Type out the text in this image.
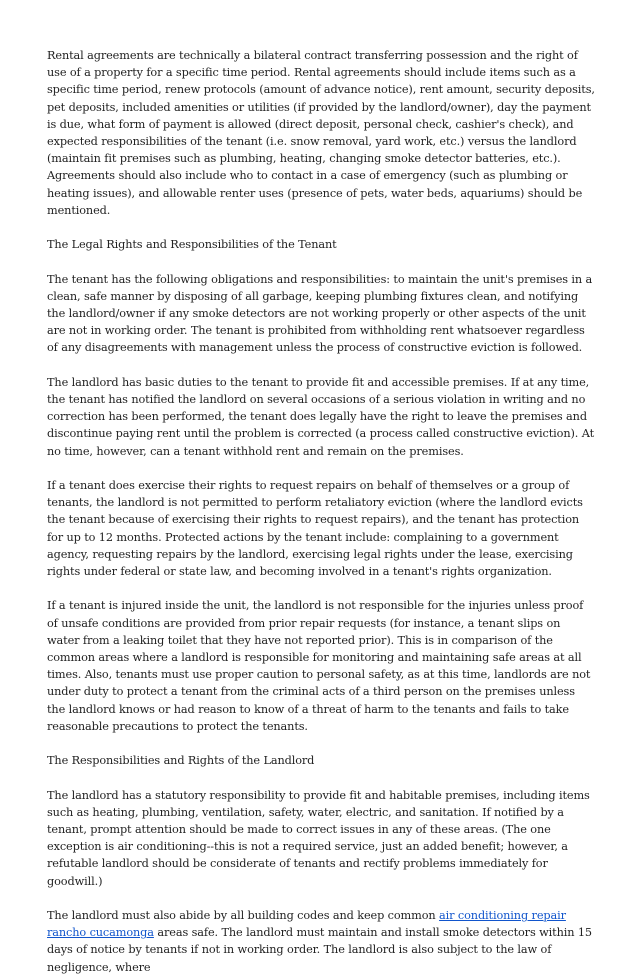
Rental agreements are technically a bilateral contract transferring possession and the right of use of a property for a specific time period. Rental agreements should include items such as a specific time period, renew protocols (amount of advance notice), rent amount, security deposits, pet deposits, included amenities or utilities (if provided by the landlord/owner), day the payment is due, what form of payment is allowed (direct deposit, personal check, cashier's check), and expected responsibilities of the tenant (i.e. snow removal, yard work, etc.) versus the landlord (maintain fit premises such as plumbing, heating, changing smoke detector batteries, etc.). Agreements should also include who to contact in a case of emergency (such as plumbing or heating issues), and allowable renter uses (presence of pets, water beds, aquariums) should be mentioned.

The Legal Rights and Responsibilities of the Tenant

The tenant has the following obligations and responsibilities: to maintain the unit's premises in a clean, safe manner by disposing of all garbage, keeping plumbing fixtures clean, and notifying the landlord/owner if any smoke detectors are not working properly or other aspects of the unit are not in working order. The tenant is prohibited from withholding rent whatsoever regardless of any disagreements with management unless the process of constructive eviction is followed.

The landlord has basic duties to the tenant to provide fit and accessible premises. If at any time, the tenant has notified the landlord on several occasions of a serious violation in writing and no correction has been performed, the tenant does legally have the right to leave the premises and discontinue paying rent until the problem is corrected (a process called constructive eviction). At no time, however, can a tenant withhold rent and remain on the premises.

If a tenant does exercise their rights to request repairs on behalf of themselves or a group of tenants, the landlord is not permitted to perform retaliatory eviction (where the landlord evicts the tenant because of exercising their rights to request repairs), and the tenant has protection for up to 12 months. Protected actions by the tenant include: complaining to a government agency, requesting repairs by the landlord, exercising legal rights under the lease, exercising rights under federal or state law, and becoming involved in a tenant's rights organization.

If a tenant is injured inside the unit, the landlord is not responsible for the injuries unless proof of unsafe conditions are provided from prior repair requests (for instance, a tenant slips on water from a leaking toilet that they have not reported prior). This is in comparison of the common areas where a landlord is responsible for monitoring and maintaining safe areas at all times. Also, tenants must use proper caution to personal safety, as at this time, landlords are not under duty to protect a tenant from the criminal acts of a third person on the premises unless the landlord knows or had reason to know of a threat of harm to the tenants and fails to take reasonable precautions to protect the tenants.

The Responsibilities and Rights of the Landlord

The landlord has a statutory responsibility to provide fit and habitable premises, including items such as heating, plumbing, ventilation, safety, water, electric, and sanitation. If notified by a tenant, prompt attention should be made to correct issues in any of these areas. (The one exception is air conditioning--this is not a required service, just an added benefit; however, a refutable landlord should be considerate of tenants and rectify problems immediately for goodwill.)

The landlord must also abide by all building codes and keep common air conditioning repair rancho cucamonga areas safe. The landlord must maintain and install smoke detectors within 15 days of notice by tenants if not in working order. The landlord is also subject to the law of negligence, where
